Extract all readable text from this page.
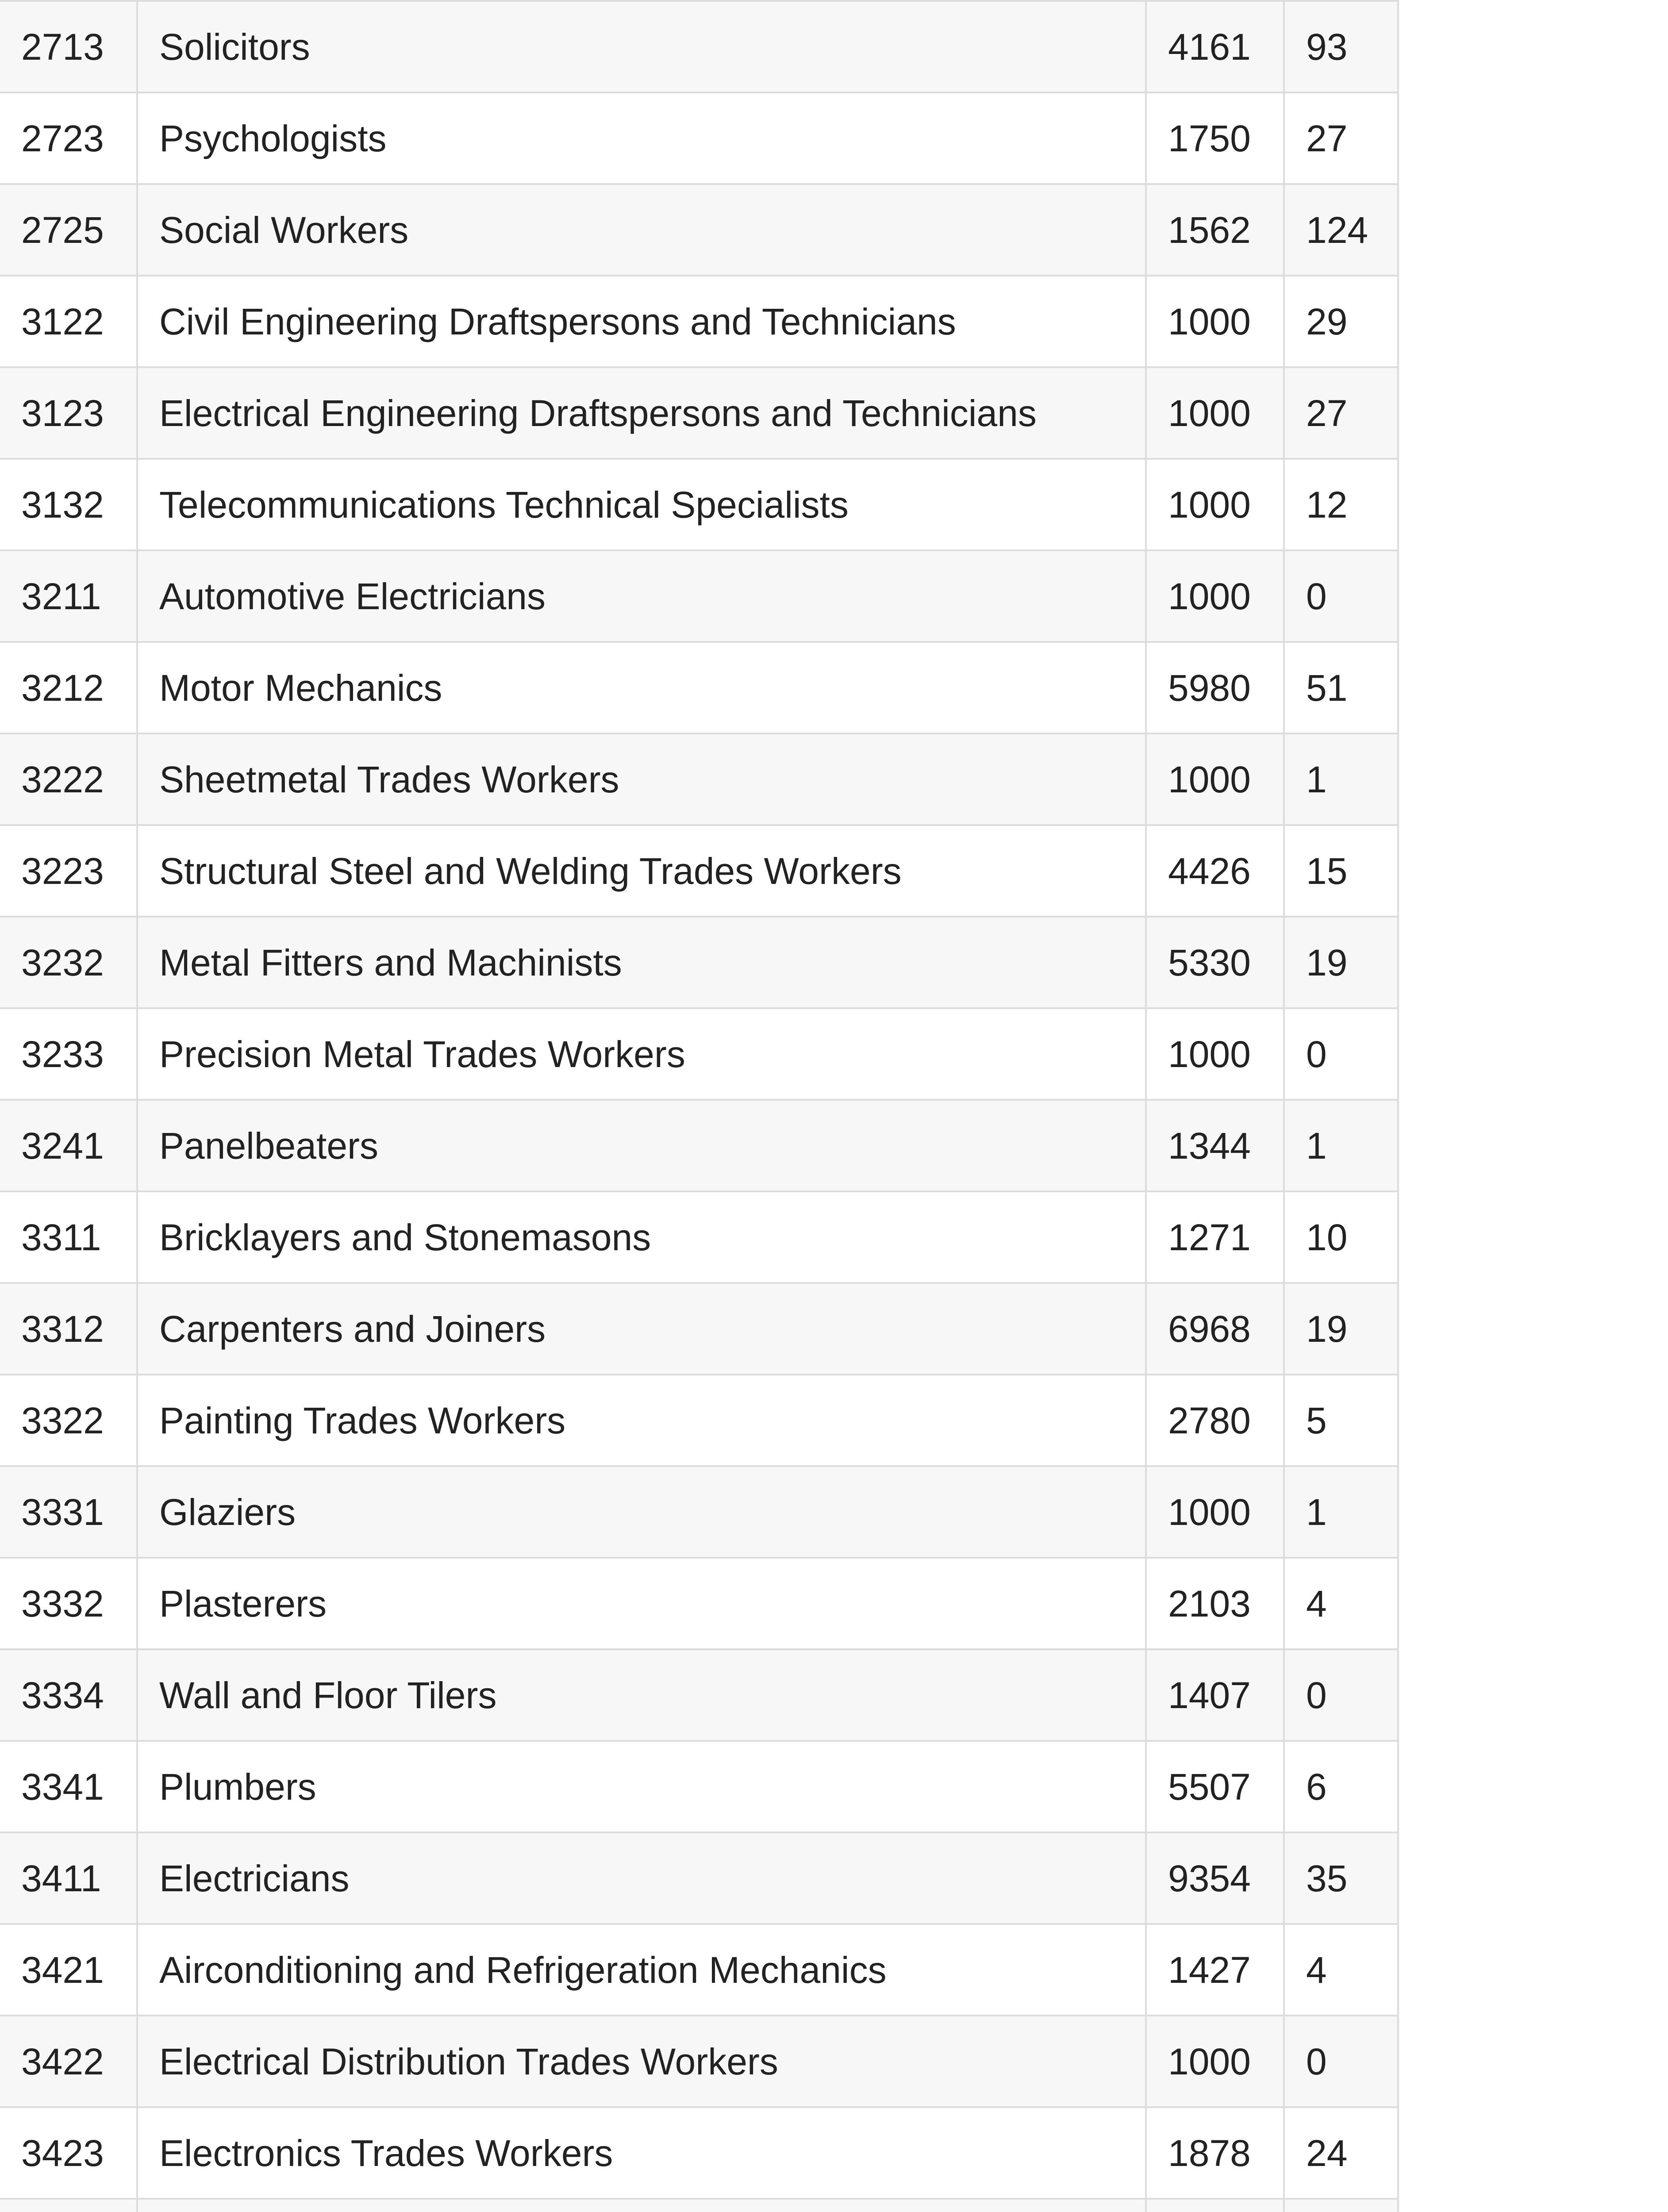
2713	Solicitors	4161	93
2723	Psychologists	1750	27
2725	Social Workers	1562	124
3122	Civil Engineering Draftspersons and Technicians	1000	29
3123	Electrical Engineering Draftspersons and Technicians	1000	27
3132	Telecommunications Technical Specialists	1000	12
3211	Automotive Electricians	1000	0
3212	Motor Mechanics	5980	51
3222	Sheetmetal Trades Workers	1000	1
3223	Structural Steel and Welding Trades Workers	4426	15
3232	Metal Fitters and Machinists	5330	19
3233	Precision Metal Trades Workers	1000	0
3241	Panelbeaters	1344	1
3311	Bricklayers and Stonemasons	1271	10
3312	Carpenters and Joiners	6968	19
3322	Painting Trades Workers	2780	5
3331	Glaziers	1000	1
3332	Plasterers	2103	4
3334	Wall and Floor Tilers	1407	0
3341	Plumbers	5507	6
3411	Electricians	9354	35
3421	Airconditioning and Refrigeration Mechanics	1427	4
3422	Electrical Distribution Trades Workers	1000	0
3423	Electronics Trades Workers	1878	24
